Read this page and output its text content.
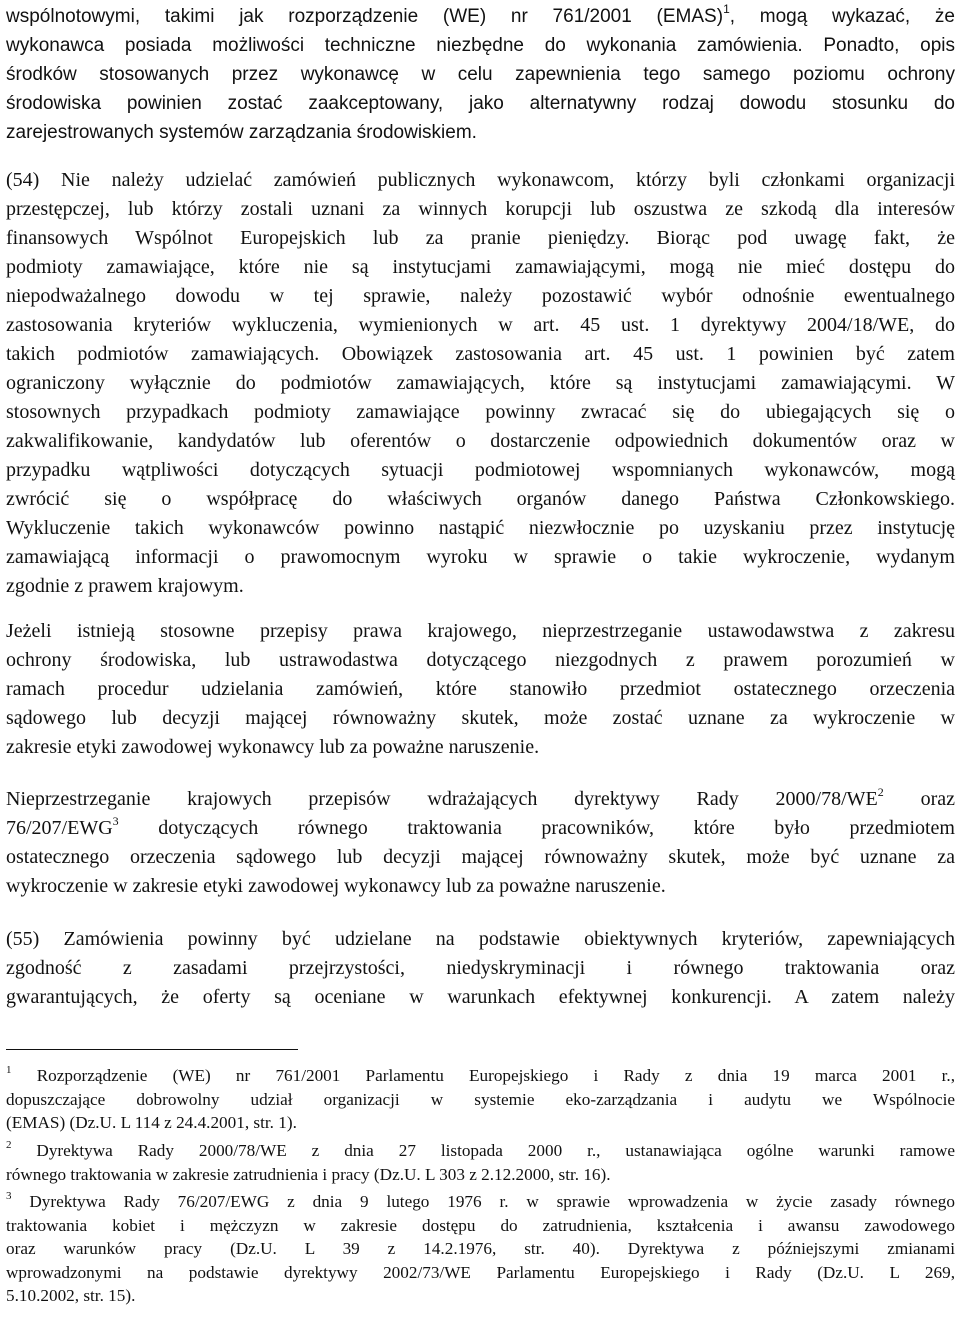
wspólnotowymi, takimi jak rozporządzenie (WE) nr 761/2001 (EMAS)$^1$, mogą wykazać, że
wykonawca posiada możliwości techniczne niezbędne do wykonania zamówienia. Ponadto, opis
środków stosowanych przez wykonawcę w celu zapewnienia tego samego poziomu ochrony
środowiska powinien zostać zaakceptowany, jako alternatywny rodzaj dowodu stosunku do
zarejestrowanych systemów zarządzania środowiskiem.
(54) Nie należy udzielać zamówień publicznych wykonawcom, którzy byli członkami organizacji
przestępczej, lub którzy zostali uznani za winnych korupcji lub oszustwa ze szkodą dla interesów
finansowych Wspólnot Europejskich lub za pranie pieniędzy. Biorąc pod uwagę fakt, że
podmioty zamawiające, które nie są instytucjami zamawiającymi, mogą nie mieć dostępu do
niepodważalnego dowodu w tej sprawie, należy pozostawić wybór odnośnie ewentualnego
zastosowania kryteriów wykluczenia, wymienionych w art. 45 ust. 1 dyrektywy 2004/18/WE, do
takich podmiotów zamawiających. Obowiązek zastosowania art. 45 ust. 1 powinien być zatem
ograniczony wyłącznie do podmiotów zamawiających, które są instytucjami zamawiającymi. W
stosownych przypadkach podmioty zamawiające powinny zwracać się do ubiegających się o
zakwalifikowanie, kandydatów lub oferentów o dostarczenie odpowiednich dokumentów oraz w
przypadku wątpliwości dotyczących sytuacji podmiotowej wspomnianych wykonawców, mogą
zwrócić się o współpracę do właściwych organów danego Państwa Członkowskiego.
Wykluczenie takich wykonawców powinno nastąpić niezwłocznie po uzyskaniu przez instytucję
zamawiającą informacji o prawomocnym wyroku w sprawie o takie wykroczenie, wydanym
zgodnie z prawem krajowym.
Jeżeli istnieją stosowne przepisy prawa krajowego, nieprzestrzeganie ustawodawstwa z zakresu
ochrony środowiska, lub ustrawodastwa dotyczącego niezgodnych z prawem porozumień w
ramach procedur udzielania zamówień, które stanowiło przedmiot ostatecznego orzeczenia
sądowego lub decyzji mającej równoważny skutek, może zostać uznane za wykroczenie w
zakresie etyki zawodowej wykonawcy lub za poważne naruszenie.
Nieprzestrzeganie krajowych przepisów wdrażających dyrektywy Rady $2000/78/WE^2$ oraz
76/207/EWG$^3$ dotyczących równego traktowania pracowników, które było przedmiotem
ostatecznego orzeczenia sądowego lub decyzji mającej równoważny skutek, może być uznane za
wykroczenie w zakresie etyki zawodowej wykonawcy lub za poważne naruszenie.
(55) Zamówienia powinny być udzielane na podstawie obiektywnych kryteriów, zapewniających
zgodność z zasadami przejrzystości, niedyskryminacji i równego traktowania oraz
gwarantujących, że oferty są oceniane w warunkach efektywnej konkurencji. A zatem należy
$^1$ Rozporządzenie (WE) nr 761/2001 Parlamentu Europejskiego i Rady z dnia 19 marca 2001 r.,
dopuszczające dobrowolny udział organizacji w systemie eko-zarządzania i audytu we Wspólnocie
(EMAS) (Dz.U. L 114 z 24.4.2001, str. 1).
$^2$ Dyrektywa Rady 2000/78/WE z dnia 27 listopada 2000 r., ustanawiająca ogólne warunki ramowe
równego traktowania w zakresie zatrudnienia i pracy (Dz.U. L 303 z 2.12.2000, str. 16).
$^3$ Dyrektywa Rady 76/207/EWG z dnia 9 lutego 1976 r. w sprawie wprowadzenia w życie zasady równego
traktowania kobiet i mężczyzn w zakresie dostępu do zatrudnienia, kształcenia i awansu zawodowego
oraz warunków pracy (Dz.U. L 39 z 14.2.1976, str. 40). Dyrektywa z późniejszymi zmianami
wprowadzonymi na podstawie dyrektywy 2002/73/WE Parlamentu Europejskiego i Rady (Dz.U. L 269,
5.10.2002, str. 15).
